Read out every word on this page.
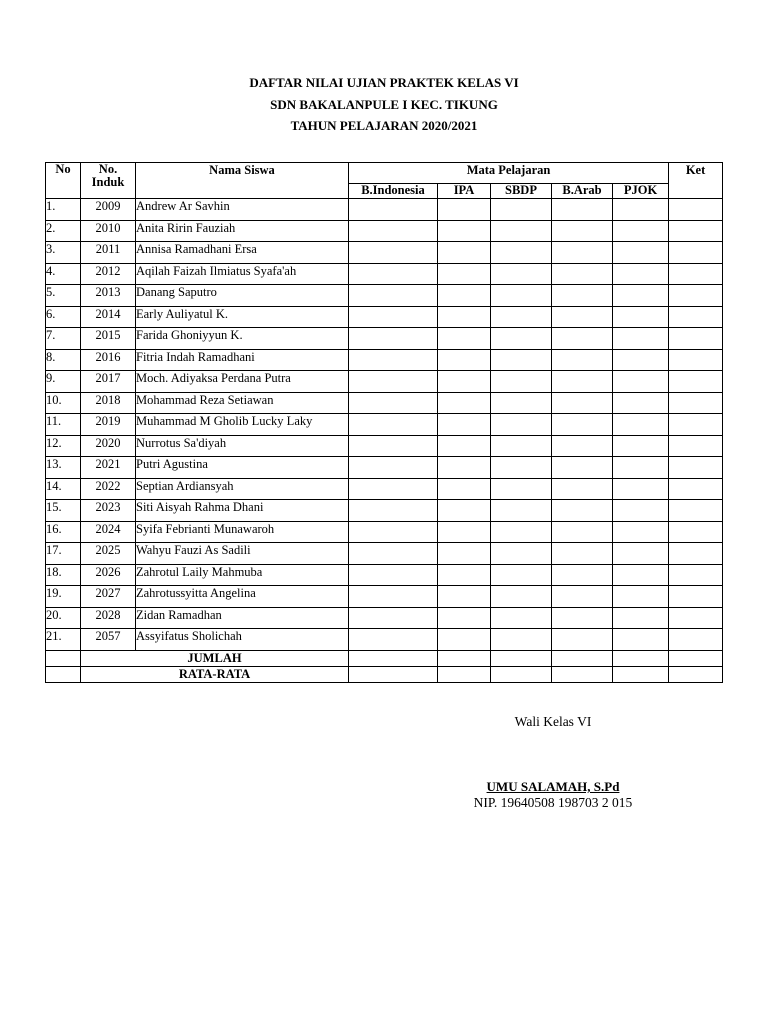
DAFTAR NILAI UJIAN PRAKTEK KELAS VI
SDN BAKALANPULE I KEC. TIKUNG
TAHUN PELAJARAN 2020/2021
No	No. Induk	Nama Siswa	Mata Pelajaran					Ket
			B.Indonesia	IPA	SBDP	B.Arab	PJOK	
1.	2009	Andrew Ar Savhin						
2.	2010	Anita Ririn Fauziah						
3.	2011	Annisa Ramadhani Ersa						
4.	2012	Aqilah Faizah Ilmiatus Syafa'ah						
5.	2013	Danang Saputro						
6.	2014	Early Auliyatul K.						
7.	2015	Farida Ghoniyyun K.						
8.	2016	Fitria Indah Ramadhani						
9.	2017	Moch. Adiyaksa Perdana Putra						
10.	2018	Mohammad Reza Setiawan						
11.	2019	Muhammad M Gholib Lucky Laky						
12.	2020	Nurrotus Sa'diyah						
13.	2021	Putri Agustina						
14.	2022	Septian Ardiansyah						
15.	2023	Siti Aisyah Rahma Dhani						
16.	2024	Syifa Febrianti Munawaroh						
17.	2025	Wahyu Fauzi As Sadili						
18.	2026	Zahrotul Laily Mahmuba						
19.	2027	Zahrotussyitta Angelina						
20.	2028	Zidan Ramadhan						
21.	2057	Assyifatus Sholichah						
	JUMLAH							
	RATA-RATA							
Wali Kelas VI
UMU SALAMAH, S.Pd
NIP. 19640508 198703 2 015
